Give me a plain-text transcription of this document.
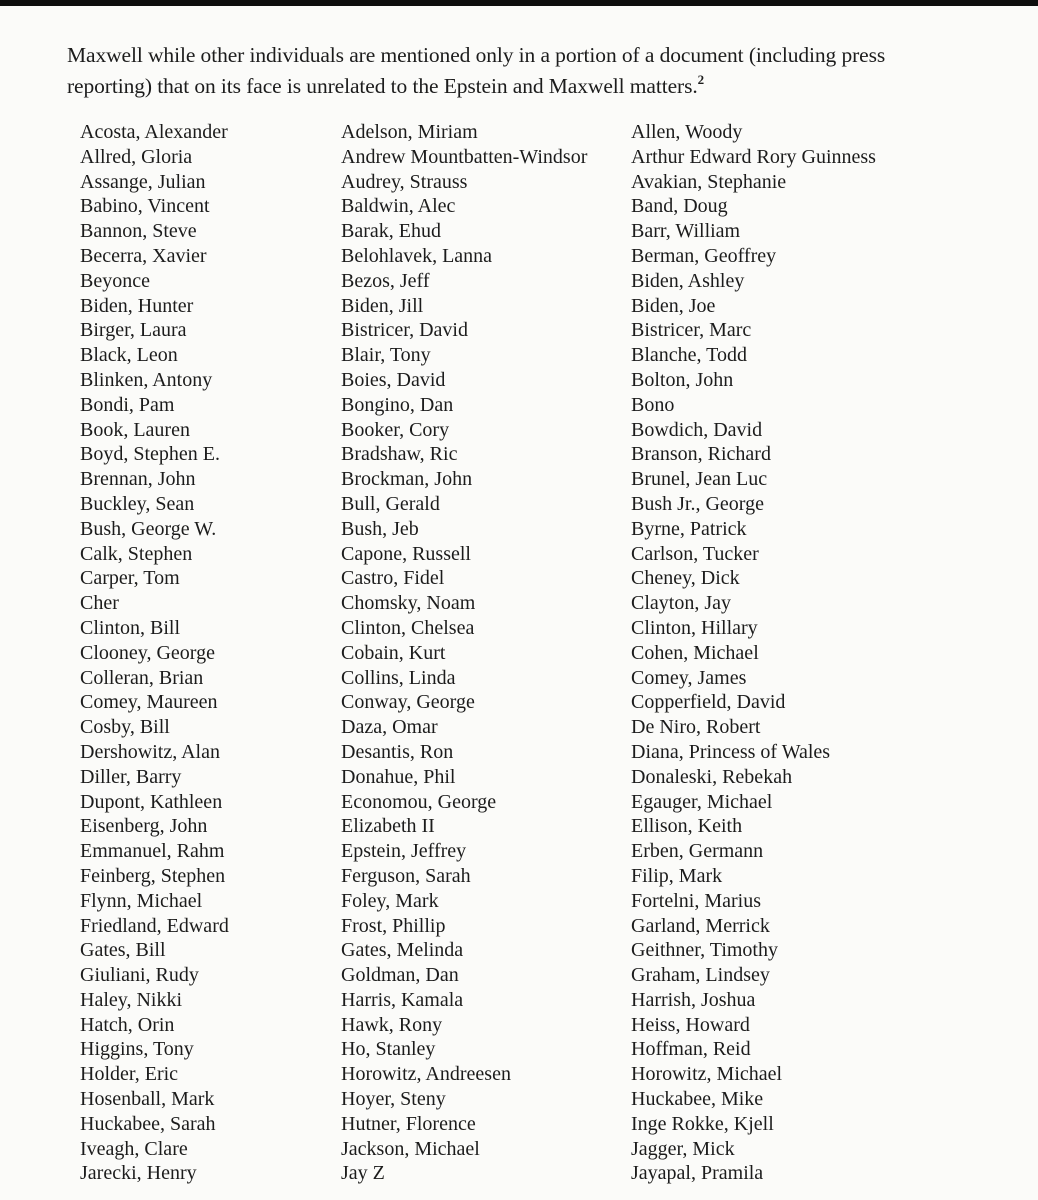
Maxwell while other individuals are mentioned only in a portion of a document (including press
reporting) that on its face is unrelated to the Epstein and Maxwell matters.$^2$
Acosta, Alexander
Allred, Gloria
Assange, Julian
Babino, Vincent
Bannon, Steve
Becerra, Xavier
Beyonce
Biden, Hunter
Birger, Laura
Black, Leon
Blinken, Antony
Bondi, Pam
Book, Lauren
Boyd, Stephen E.
Brennan, John
Buckley, Sean
Bush, George W.
Calk, Stephen
Carper, Tom
Cher
Clinton, Bill
Clooney, George
Colleran, Brian
Comey, Maureen
Cosby, Bill
Dershowitz, Alan
Diller, Barry
Dupont, Kathleen
Eisenberg, John
Emmanuel, Rahm
Feinberg, Stephen
Flynn, Michael
Friedland, Edward
Gates, Bill
Giuliani, Rudy
Haley, Nikki
Hatch, Orin
Higgins, Tony
Holder, Eric
Hosenball, Mark
Huckabee, Sarah
Iveagh, Clare
Jarecki, Henry
Adelson, Miriam
Andrew Mountbatten-Windsor
Audrey, Strauss
Baldwin, Alec
Barak, Ehud
Belohlavek, Lanna
Bezos, Jeff
Biden, Jill
Bistricer, David
Blair, Tony
Boies, David
Bongino, Dan
Booker, Cory
Bradshaw, Ric
Brockman, John
Bull, Gerald
Bush, Jeb
Capone, Russell
Castro, Fidel
Chomsky, Noam
Clinton, Chelsea
Cobain, Kurt
Collins, Linda
Conway, George
Daza, Omar
Desantis, Ron
Donahue, Phil
Economou, George
Elizabeth II
Epstein, Jeffrey
Ferguson, Sarah
Foley, Mark
Frost, Phillip
Gates, Melinda
Goldman, Dan
Harris, Kamala
Hawk, Rony
Ho, Stanley
Horowitz, Andreesen
Hoyer, Steny
Hutner, Florence
Jackson, Michael
Jay Z
Allen, Woody
Arthur Edward Rory Guinness
Avakian, Stephanie
Band, Doug
Barr, William
Berman, Geoffrey
Biden, Ashley
Biden, Joe
Bistricer, Marc
Blanche, Todd
Bolton, John
Bono
Bowdich, David
Branson, Richard
Brunel, Jean Luc
Bush Jr., George
Byrne, Patrick
Carlson, Tucker
Cheney, Dick
Clayton, Jay
Clinton, Hillary
Cohen, Michael
Comey, James
Copperfield, David
De Niro, Robert
Diana, Princess of Wales
Donaleski, Rebekah
Egauger, Michael
Ellison, Keith
Erben, Germann
Filip, Mark
Fortelni, Marius
Garland, Merrick
Geithner, Timothy
Graham, Lindsey
Harrish, Joshua
Heiss, Howard
Hoffman, Reid
Horowitz, Michael
Huckabee, Mike
Inge Rokke, Kjell
Jagger, Mick
Jayapal, Pramila
